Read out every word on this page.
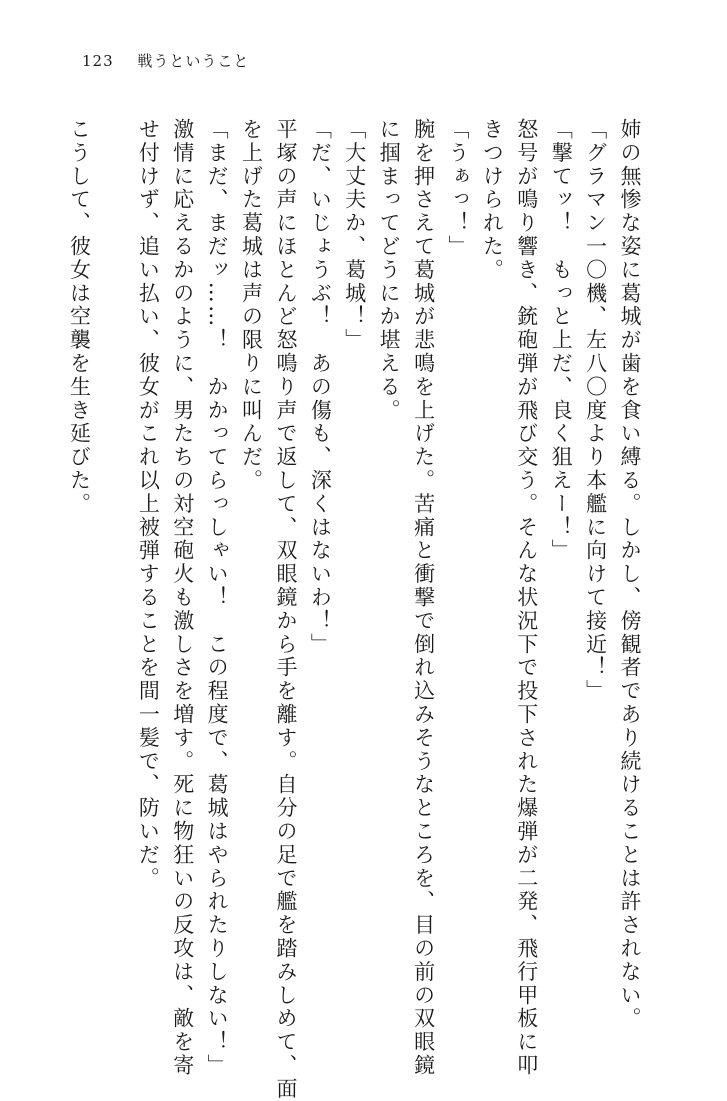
123 戦うということ
姉の無惨な姿に葛城が歯を食い縛る。しかし、傍観者であり続けることは許されない。
「グラマン一〇機、左八〇度より本艦に向けて接近！」
「撃てッ！　もっと上だ、良く狙えー！」
怒号が鳴り響き、銃砲弾が飛び交う。そんな状況下で投下された爆弾が二発、飛行甲板に叩
きつけられた。
「うぁっ！」
腕を押さえて葛城が悲鳴を上げた。苦痛と衝撃で倒れ込みそうなところを、目の前の双眼鏡
に掴まってどうにか堪える。
「大丈夫か、葛城！」
「だ、いじょうぶ！　あの傷も、深くはないわ！」
平塚の声にほとんど怒鳴り声で返して、双眼鏡から手を離す。自分の足で艦を踏みしめて、面
を上げた葛城は声の限りに叫んだ。
「まだ、まだッ……！　かかってらっしゃい！　この程度で、葛城はやられたりしない！」
激情に応えるかのように、男たちの対空砲火も激しさを増す。死に物狂いの反攻は、敵を寄
せ付けず、追い払い、彼女がこれ以上被弾することを間一髪で、防いだ。
こうして、彼女は空襲を生き延びた。
